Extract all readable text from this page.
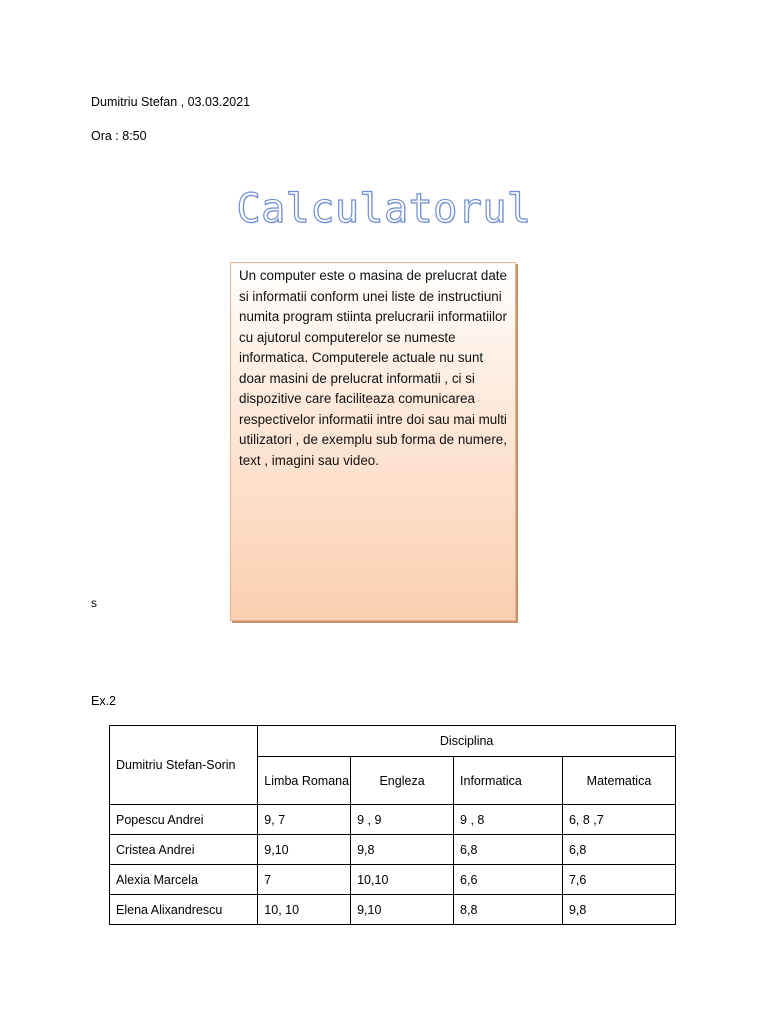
Dumitriu Stefan , 03.03.2021
Ora : 8:50
Calculatorul
Un computer este o masina de prelucrat date si informatii conform unei liste de instructiuni numita program stiinta prelucrarii informatiilor cu ajutorul computerelor se numeste informatica. Computerele actuale nu sunt doar masini de prelucrat informatii , ci si dispozitive care faciliteaza comunicarea respectivelor informatii intre doi sau mai multi utilizatori , de exemplu sub forma de numere, text , imagini sau video.
s
Ex.2
Dumitriu Stefan-Sorin	Disciplina			
	Limba Romana	Engleza	Informatica	Matematica
Popescu Andrei	9, 7	9 , 9	9 , 8	6, 8 ,7
Cristea Andrei	9,10	9,8	6,8	6,8
Alexia Marcela	7	10,10	6,6	7,6
Elena Alixandrescu	10, 10	9,10	8,8	9,8
